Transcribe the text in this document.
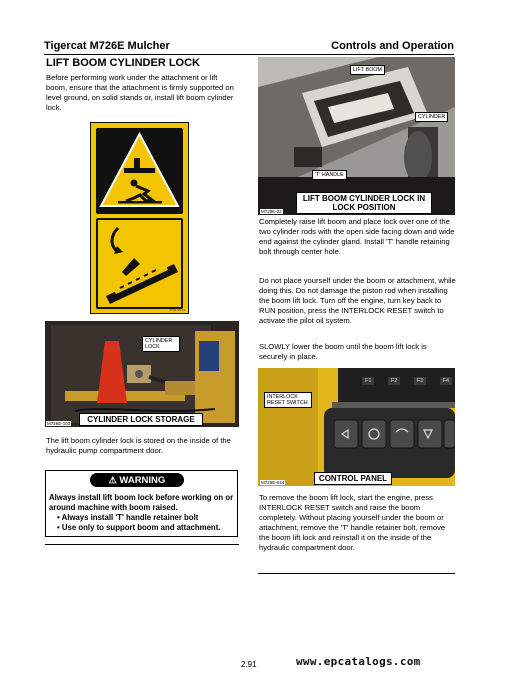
Tigercat M726E Mulcher	Controls and Operation
LIFT BOOM CYLINDER LOCK
Before performing work under the attachment or lift boom, ensure that the attachment is firmly supported on level ground, on solid stands or, install lift boom cylinder lock.
0749-05-04
CYLINDER LOCK
M726E-103	CYLINDER LOCK STORAGE
The lift boom cylinder lock is stored on the inside of the hydraulic pump compartment door.
⚠ WARNING
Always install lift boom lock before working on or around machine with boom raised.
• Always install 'T' handle retainer bolt
• Use only to support boom and attachment.
LIFT BOOM
CYLINDER
'T' HANDLE
M726E-22
LIFT BOOM CYLINDER LOCK IN LOCK POSITION
Completely raise lift boom and place lock over one of the two cylinder rods with the open side facing down and wide end against the cylinder gland. Install 'T' handle retaining bolt through center hole.
Do not place yourself under the boom or attachment, while doing this. Do not damage the piston rod when installing the boom lift lock. Turn off the engine, turn key back to RUN position, press the INTERLOCK RESET switch to activate the pilot oil system.
SLOWLY lower the boom until the boom lift lock is securely in place.
F1	F2	F3	F4
INTERLOCK RESET SWITCH
M726E-044	CONTROL PANEL
To remove the boom lift lock, start the engine, press INTERLOCK RESET switch and raise the boom completely. Without placing yourself under the boom or attachment, remove the 'T' handle retainer bolt, remove the boom lift lock and reinstall it on the inside of the hydraulic compartment door.
2.91	www.epcatalogs.com
